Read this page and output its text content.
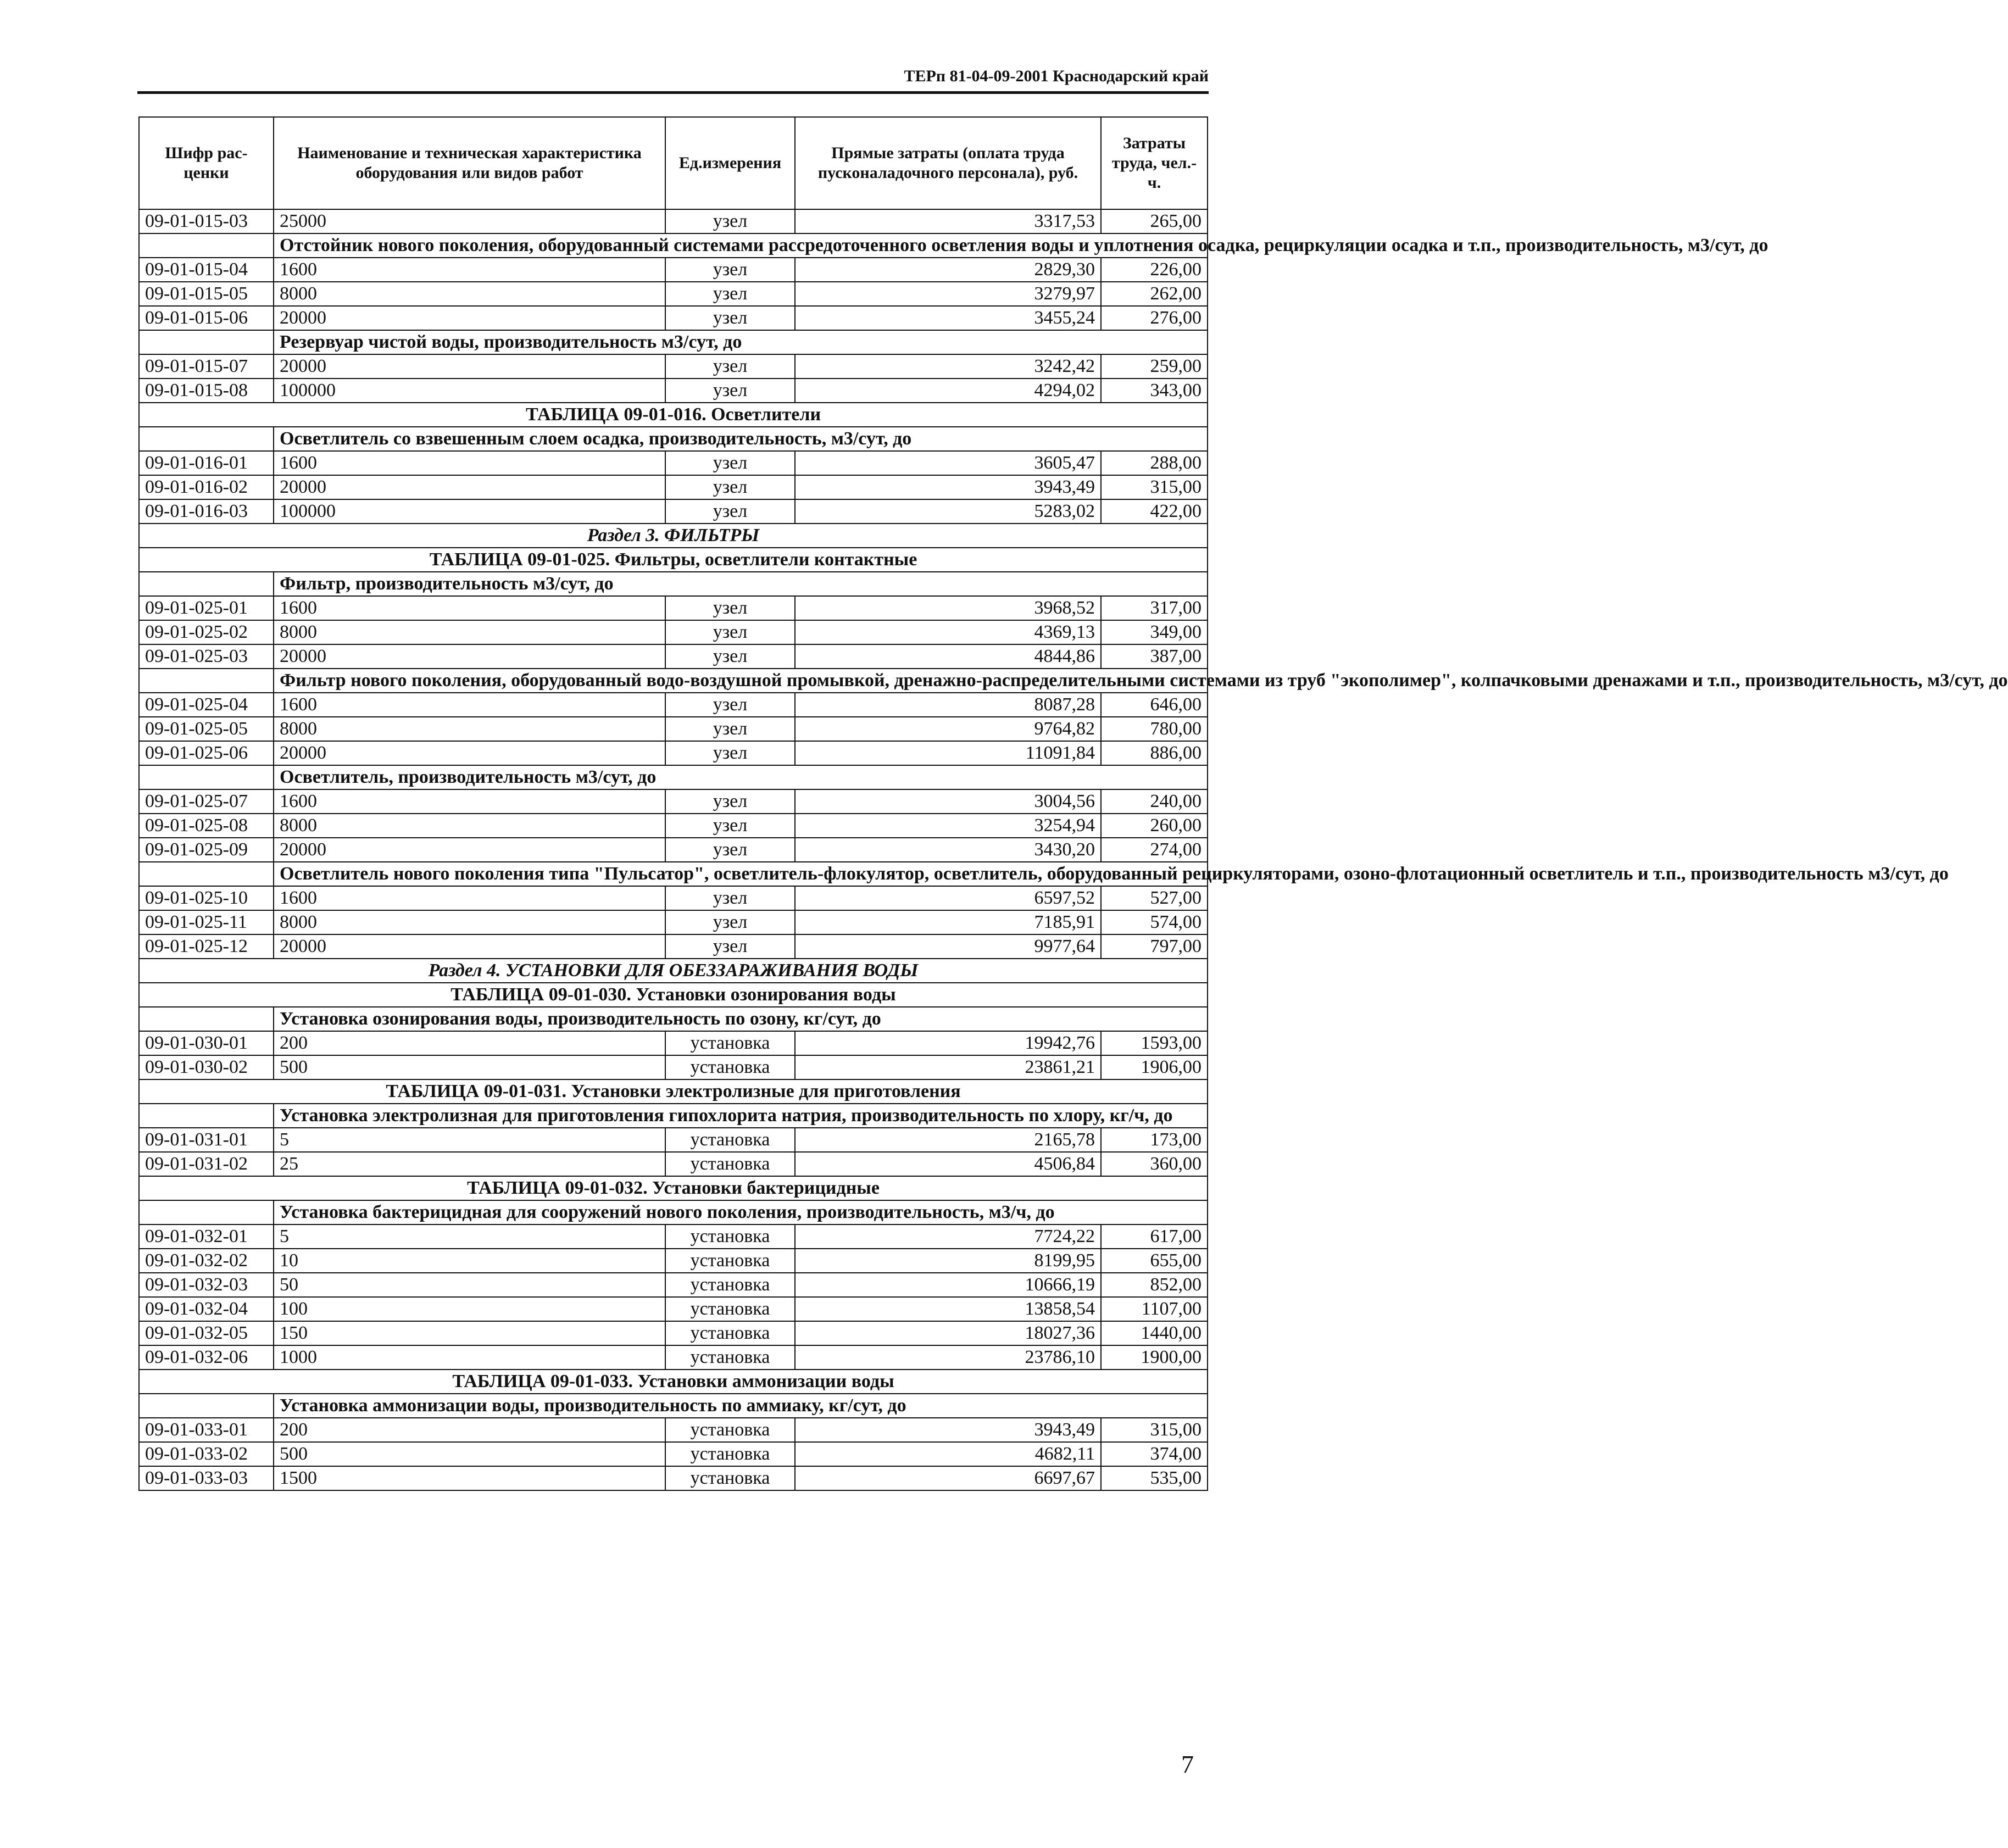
ТЕРп 81-04-09-2001 Краснодарский край
Шифр рас-ценки	Наименование и техническая характеристика оборудования или видов работ	Ед.измерения	Прямые затраты (оплата труда пусконаладочного персонала), руб.	Затраты труда, чел.-ч.
09-01-015-03	25000	узел	3317,53	265,00
	Отстойник нового поколения, оборудованный системами рассредоточенного осветления воды и уплотнения осадка, рециркуляции осадка и т.п., производительность, м3/сут, до			
09-01-015-04	1600	узел	2829,30	226,00
09-01-015-05	8000	узел	3279,97	262,00
09-01-015-06	20000	узел	3455,24	276,00
	Резервуар чистой воды, производительность м3/сут, до			
09-01-015-07	20000	узел	3242,42	259,00
09-01-015-08	100000	узел	4294,02	343,00
ТАБЛИЦА 09-01-016. Осветлители				
	Осветлитель со взвешенным слоем осадка, производительность, м3/сут, до			
09-01-016-01	1600	узел	3605,47	288,00
09-01-016-02	20000	узел	3943,49	315,00
09-01-016-03	100000	узел	5283,02	422,00
Раздел 3. ФИЛЬТРЫ				
ТАБЛИЦА 09-01-025. Фильтры, осветлители контактные				
	Фильтр, производительность м3/сут, до			
09-01-025-01	1600	узел	3968,52	317,00
09-01-025-02	8000	узел	4369,13	349,00
09-01-025-03	20000	узел	4844,86	387,00
	Фильтр нового поколения, оборудованный водо-воздушной промывкой, дренажно-распределительными системами из труб "экополимер", колпачковыми дренажами и т.п., производительность, м3/сут, до			
09-01-025-04	1600	узел	8087,28	646,00
09-01-025-05	8000	узел	9764,82	780,00
09-01-025-06	20000	узел	11091,84	886,00
	Осветлитель, производительность м3/сут, до			
09-01-025-07	1600	узел	3004,56	240,00
09-01-025-08	8000	узел	3254,94	260,00
09-01-025-09	20000	узел	3430,20	274,00
	Осветлитель нового поколения типа "Пульсатор", осветлитель-флокулятор, осветлитель, оборудованный рециркуляторами, озоно-флотационный осветлитель и т.п., производительность м3/сут, до			
09-01-025-10	1600	узел	6597,52	527,00
09-01-025-11	8000	узел	7185,91	574,00
09-01-025-12	20000	узел	9977,64	797,00
Раздел 4. УСТАНОВКИ ДЛЯ ОБЕЗЗАРАЖИВАНИЯ ВОДЫ				
ТАБЛИЦА 09-01-030. Установки озонирования воды				
	Установка озонирования воды, производительность по озону, кг/сут, до			
09-01-030-01	200	установка	19942,76	1593,00
09-01-030-02	500	установка	23861,21	1906,00
ТАБЛИЦА 09-01-031. Установки электролизные для приготовления				
	Установка электролизная для приготовления гипохлорита натрия, производительность по хлору, кг/ч, до			
09-01-031-01	5	установка	2165,78	173,00
09-01-031-02	25	установка	4506,84	360,00
ТАБЛИЦА 09-01-032. Установки бактерицидные				
	Установка бактерицидная для сооружений нового поколения, производительность, м3/ч, до			
09-01-032-01	5	установка	7724,22	617,00
09-01-032-02	10	установка	8199,95	655,00
09-01-032-03	50	установка	10666,19	852,00
09-01-032-04	100	установка	13858,54	1107,00
09-01-032-05	150	установка	18027,36	1440,00
09-01-032-06	1000	установка	23786,10	1900,00
ТАБЛИЦА 09-01-033. Установки аммонизации воды				
	Установка аммонизации воды, производительность по аммиаку, кг/сут, до			
09-01-033-01	200	установка	3943,49	315,00
09-01-033-02	500	установка	4682,11	374,00
09-01-033-03	1500	установка	6697,67	535,00
7
